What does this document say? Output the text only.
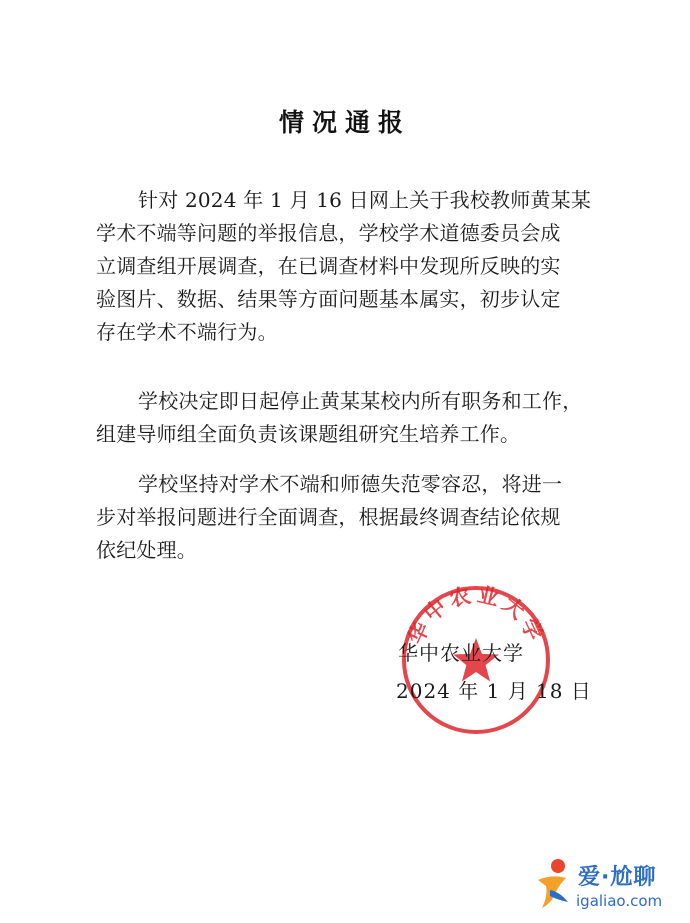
情况通报
针对 2024 年 1 月 16 日网上关于我校教师黄某某
学术不端等问题的举报信息，学校学术道德委员会成
立调查组开展调查，在已调查材料中发现所反映的实
验图片、数据、结果等方面问题基本属实，初步认定
存在学术不端行为。
学校决定即日起停止黄某某校内所有职务和工作，
组建导师组全面负责该课题组研究生培养工作。
学校坚持对学术不端和师德失范零容忍，将进一
步对举报问题进行全面调查，根据最终调查结论依规
依纪处理。
华中农业大学
华中农业大学
2024 年 1 月 18 日
爱·尬聊
igaliao.com
